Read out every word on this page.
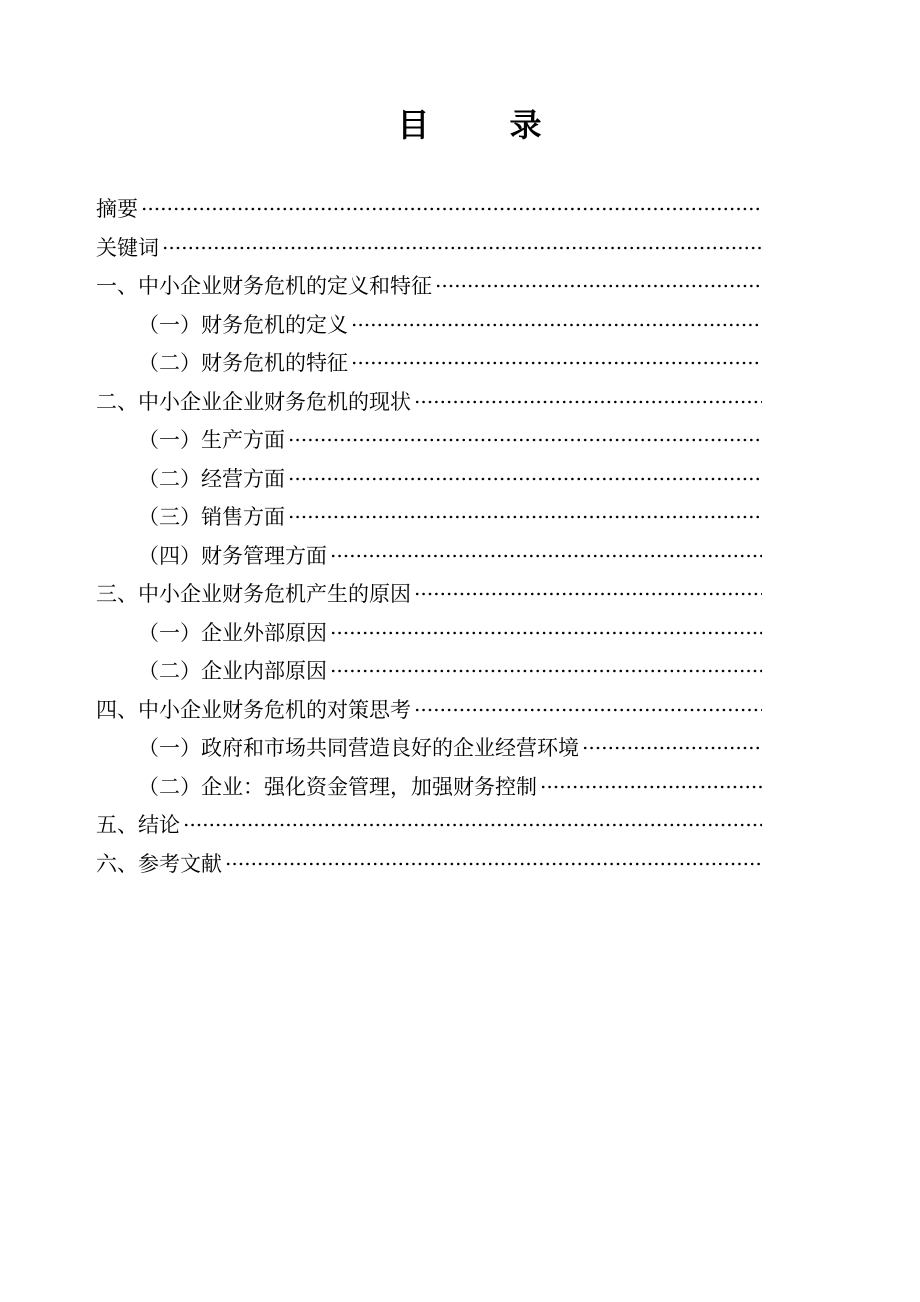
目        录
摘要
关键词
一、中小企业财务危机的定义和特征
（一）财务危机的定义
（二）财务危机的特征
二、中小企业企业财务危机的现状
（一）生产方面
（二）经营方面
（三）销售方面
（四）财务管理方面
三、中小企业财务危机产生的原因
（一）企业外部原因
（二）企业内部原因
四、中小企业财务危机的对策思考
（一）政府和市场共同营造良好的企业经营环境
（二）企业：强化资金管理，加强财务控制
五、结论
六、参考文献
